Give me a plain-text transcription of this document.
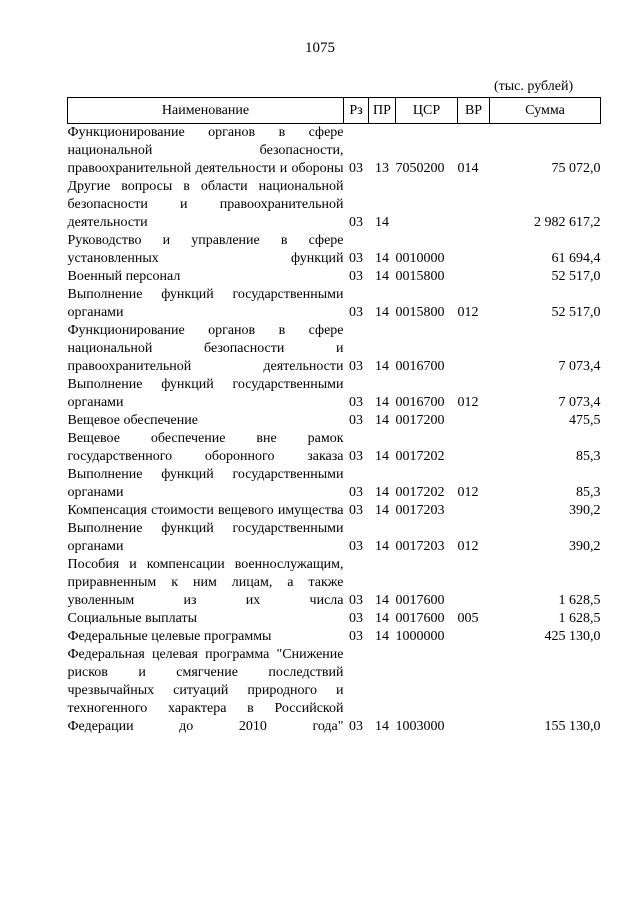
1075
(тыс. рублей)
Наименование	Рз	ПР	ЦСР	ВР	Сумма
Функционирование органов в сфере национальной безопасности, правоохранительной деятельности и обороны	03	13	7050200	014	75 072,0
Другие вопросы в области национальной безопасности и правоохранительной деятельности	03	14			2 982 617,2
Руководство и управление в сфере установленных функций	03	14	0010000		61 694,4
Военный персонал	03	14	0015800		52 517,0
Выполнение функций государственными органами	03	14	0015800	012	52 517,0
Функционирование органов в сфере национальной безопасности и правоохранительной деятельности	03	14	0016700		7 073,4
Выполнение функций государственными органами	03	14	0016700	012	7 073,4
Вещевое обеспечение	03	14	0017200		475,5
Вещевое обеспечение вне рамок государственного оборонного заказа	03	14	0017202		85,3
Выполнение функций государственными органами	03	14	0017202	012	85,3
Компенсация стоимости вещевого имущества	03	14	0017203		390,2
Выполнение функций государственными органами	03	14	0017203	012	390,2
Пособия и компенсации военнослужащим, приравненным к ним лицам, а также уволенным из их числа	03	14	0017600		1 628,5
Социальные выплаты	03	14	0017600	005	1 628,5
Федеральные целевые программы	03	14	1000000		425 130,0
Федеральная целевая программа "Снижение рисков и смягчение последствий чрезвычайных ситуаций природного и техногенного характера в Российской Федерации до 2010 года"	03	14	1003000		155 130,0
